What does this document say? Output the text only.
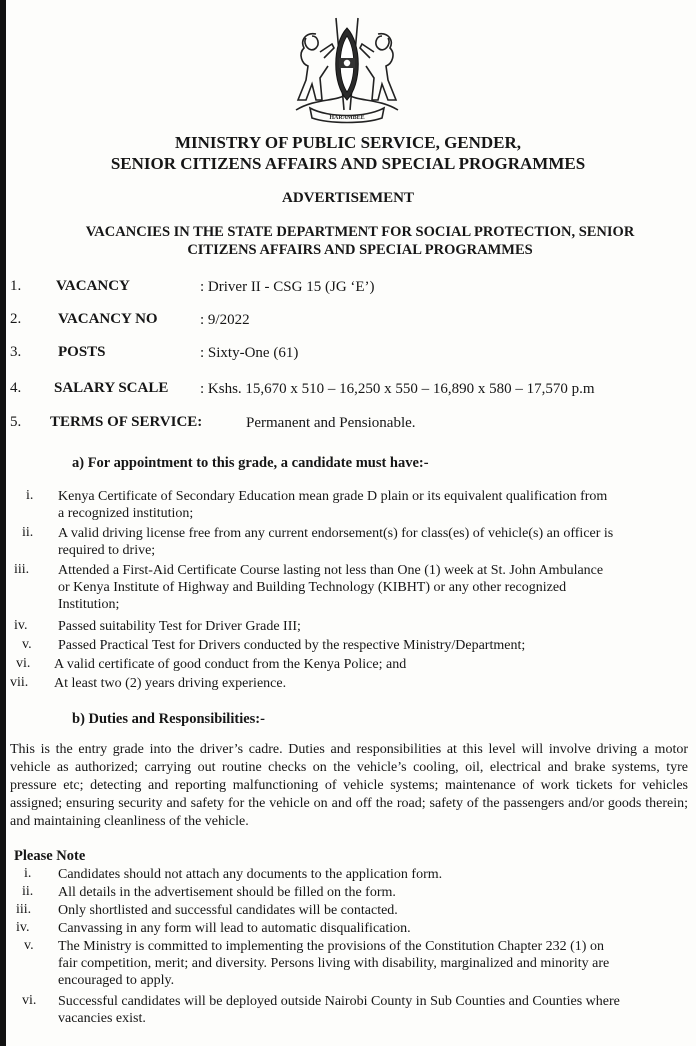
HARAMBEE
MINISTRY OF PUBLIC SERVICE, GENDER,
SENIOR CITIZENS AFFAIRS AND SPECIAL PROGRAMMES
ADVERTISEMENT
VACANCIES IN THE STATE DEPARTMENT FOR SOCIAL PROTECTION, SENIOR
CITIZENS AFFAIRS AND SPECIAL PROGRAMMES
1. VACANCY	: Driver II - CSG 15 (JG ‘E’)
2. VACANCY NO	: 9/2022
3. POSTS	: Sixty-One (61)
4. SALARY SCALE : Kshs. 15,670 x 510 – 16,250 x 550 – 16,890 x 580 – 17,570 p.m
5. TERMS OF SERVICE:	Permanent and Pensionable.
a) For appointment to this grade, a candidate must have:-
i. Kenya Certificate of Secondary Education mean grade D plain or its equivalent qualification from
a recognized institution;
ii. A valid driving license free from any current endorsement(s) for class(es) of vehicle(s) an officer is
required to drive;
iii. Attended a First-Aid Certificate Course lasting not less than One (1) week at St. John Ambulance
or Kenya Institute of Highway and Building Technology (KIBHT) or any other recognized
Institution;
iv. Passed suitability Test for Driver Grade III;
v. Passed Practical Test for Drivers conducted by the respective Ministry/Department;
vi. A valid certificate of good conduct from the Kenya Police; and
vii. At least two (2) years driving experience.
b) Duties and Responsibilities:-
This is the entry grade into the driver’s cadre. Duties and responsibilities at this level will involve driving a motor vehicle as authorized; carrying out routine checks on the vehicle’s cooling, oil, electrical and brake systems, tyre pressure etc; detecting and reporting malfunctioning of vehicle systems; maintenance of work tickets for vehicles assigned; ensuring security and safety for the vehicle on and off the road; safety of the passengers and/or goods therein; and maintaining cleanliness of the vehicle.
Please Note
i. Candidates should not attach any documents to the application form.
ii. All details in the advertisement should be filled on the form.
iii. Only shortlisted and successful candidates will be contacted.
iv. Canvassing in any form will lead to automatic disqualification.
v. The Ministry is committed to implementing the provisions of the Constitution Chapter 232 (1) on
fair competition, merit; and diversity. Persons living with disability, marginalized and minority are
encouraged to apply.
vi. Successful candidates will be deployed outside Nairobi County in Sub Counties and Counties where
vacancies exist.
